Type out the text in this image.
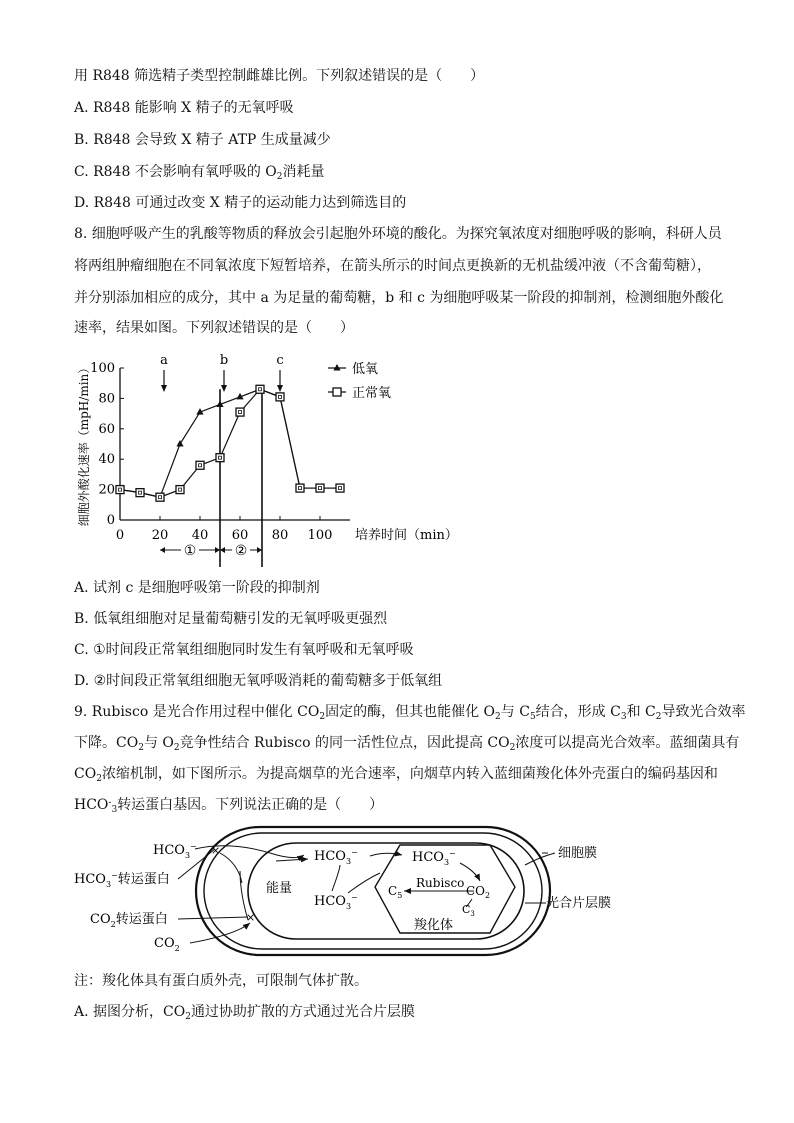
用 R848 筛选精子类型控制雌雄比例。下列叙述错误的是（　　）
A. R848 能影响 X 精子的无氧呼吸
B. R848 会导致 X 精子 ATP 生成量减少
C. R848 不会影响有氧呼吸的 $O_2$消耗量
D. R848 可通过改变 X 精子的运动能力达到筛选目的
8. 细胞呼吸产生的乳酸等物质的释放会引起胞外环境的酸化。为探究氧浓度对细胞呼吸的影响，科研人员
将两组肿瘤细胞在不同氧浓度下短暂培养，在箭头所示的时间点更换新的无机盐缓冲液（不含葡萄糖），
并分别添加相应的成分，其中 a 为足量的葡萄糖，b 和 c 为细胞呼吸某一阶段的抑制剂，检测细胞外酸化
速率，结果如图。下列叙述错误的是（　　）
0
20
40
60
80
100
0 20 40 60 80 100
细胞外酸化速率（mpH/min）
培养时间（min）
a	b	c
①	②
低氧
正常氧
A. 试剂 c 是细胞呼吸第一阶段的抑制剂
B. 低氧组细胞对足量葡萄糖引发的无氧呼吸更强烈
C. ①时间段正常氧组细胞同时发生有氧呼吸和无氧呼吸
D. ②时间段正常氧组细胞无氧呼吸消耗的葡萄糖多于低氧组
9. Rubisco 是光合作用过程中催化 $CO_2$固定的酶，但其也能催化 $O_2$与 $C_5$结合，形成 $C_3$和 $C_2$导致光合效率
下降。$CO_2$与 $O_2$竞争性结合 Rubisco 的同一活性位点，因此提高 $CO_2$浓度可以提高光合效率。蓝细菌具有
$CO_2$浓缩机制，如下图所示。为提高烟草的光合速率，向烟草内转入蓝细菌羧化体外壳蛋白的编码基因和
$HCO^-_3$转运蛋白基因。下列说法正确的是（　　）
$HCO_3^-$
$HCO_3^-$转运蛋白
$CO_2$转运蛋白
$CO_2$
×
×
能量
$HCO_3^-$
$HCO_3^-$
$HCO_3^-$
$C_5$
Rubisco
$CO_2$
$C_3$
羧化体
细胞膜
光合片层膜
注：羧化体具有蛋白质外壳，可限制气体扩散。
A. 据图分析，$CO_2$通过协助扩散的方式通过光合片层膜
